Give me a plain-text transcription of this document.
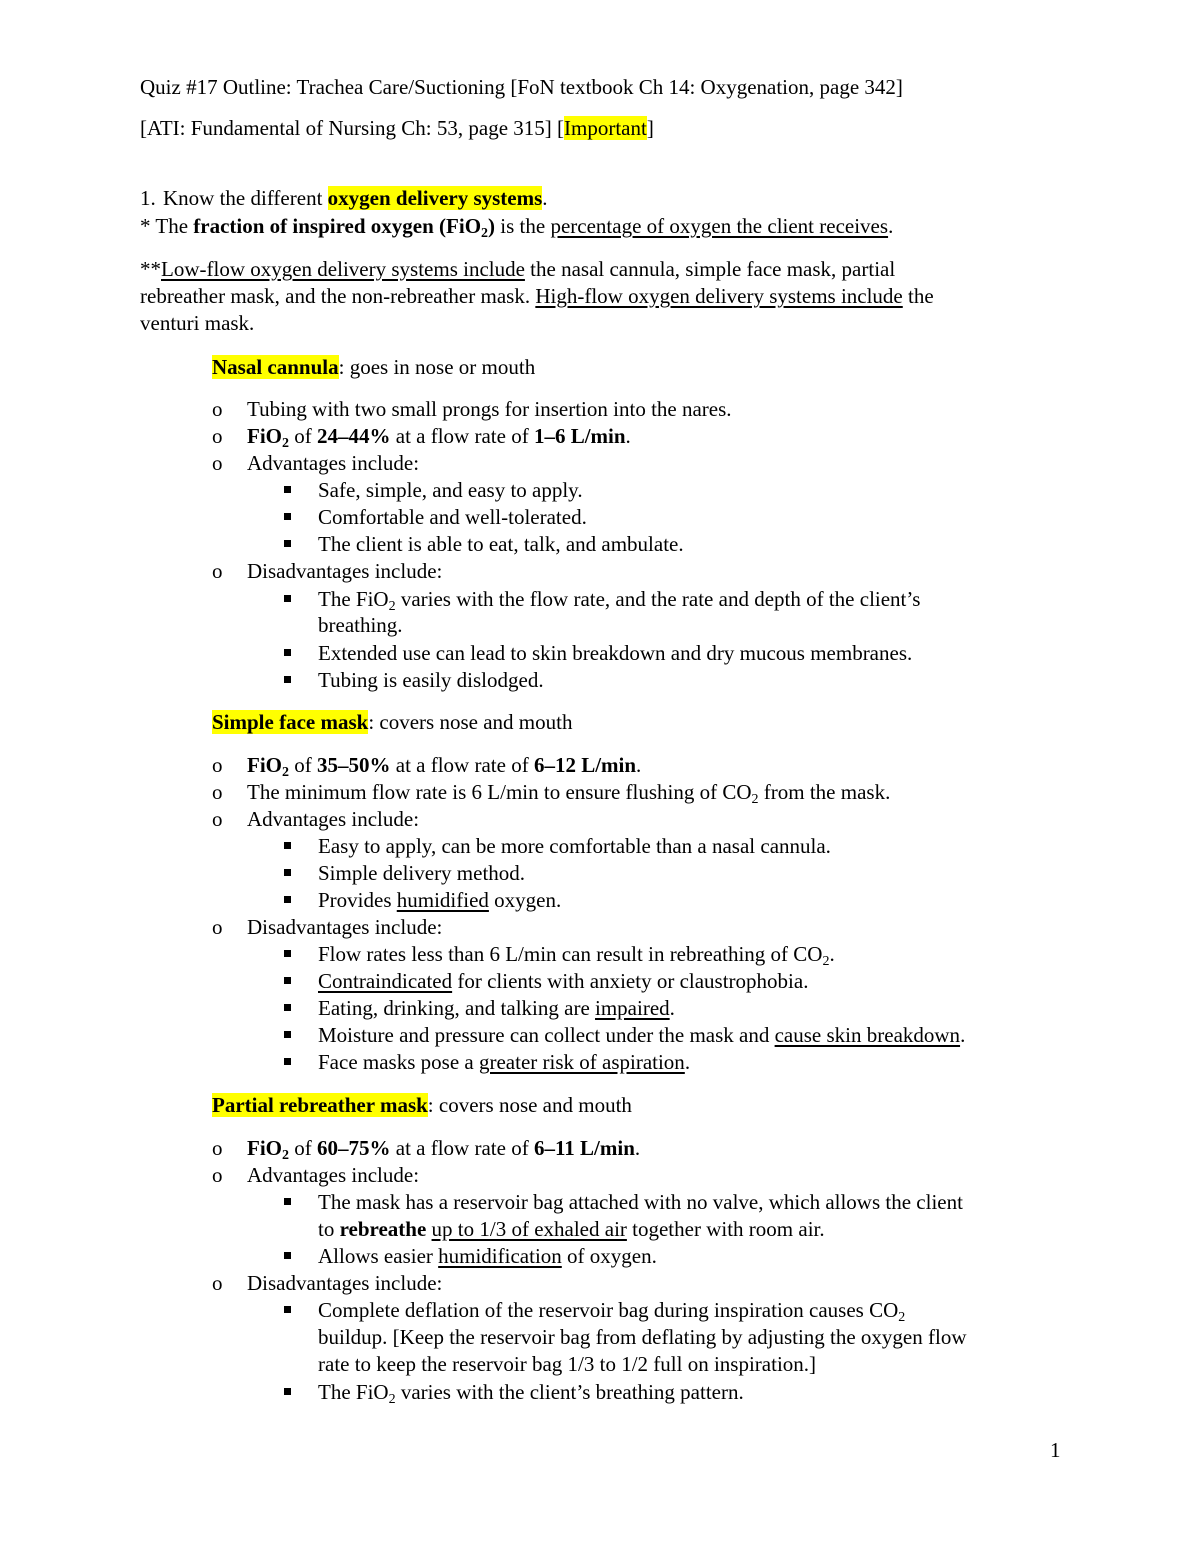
Quiz #17 Outline: Trachea Care/Suctioning [FoN textbook Ch 14: Oxygenation, page 342]
[ATI: Fundamental of Nursing Ch: 53, page 315] [Important]
1. Know the different oxygen delivery systems.
* The fraction of inspired oxygen (FiO$_2$) is the percentage of oxygen the client receives.
**Low-flow oxygen delivery systems include the nasal cannula, simple face mask, partial
rebreather mask, and the non-rebreather mask. High-flow oxygen delivery systems include the
venturi mask.
Nasal cannula: goes in nose or mouth
o Tubing with two small prongs for insertion into the nares.
o FiO$_2$ of 24–44% at a flow rate of 1–6 L/min.
o Advantages include:
Safe, simple, and easy to apply.
Comfortable and well-tolerated.
The client is able to eat, talk, and ambulate.
o Disadvantages include:
The FiO$_2$ varies with the flow rate, and the rate and depth of the client’s
breathing.
Extended use can lead to skin breakdown and dry mucous membranes.
Tubing is easily dislodged.
Simple face mask: covers nose and mouth
o FiO$_2$ of 35–50% at a flow rate of 6–12 L/min.
o The minimum flow rate is 6 L/min to ensure flushing of $CO_2$ from the mask.
o Advantages include:
Easy to apply, can be more comfortable than a nasal cannula.
Simple delivery method.
Provides humidified oxygen.
o Disadvantages include:
Flow rates less than 6 L/min can result in rebreathing of $CO_2$.
Contraindicated for clients with anxiety or claustrophobia.
Eating, drinking, and talking are impaired.
Moisture and pressure can collect under the mask and cause skin breakdown.
Face masks pose a greater risk of aspiration.
Partial rebreather mask: covers nose and mouth
o FiO$_2$ of 60–75% at a flow rate of 6–11 L/min.
o Advantages include:
The mask has a reservoir bag attached with no valve, which allows the client
to rebreathe up to 1/3 of exhaled air together with room air.
Allows easier humidification of oxygen.
o Disadvantages include:
Complete deflation of the reservoir bag during inspiration causes $CO_2$
buildup. [Keep the reservoir bag from deflating by adjusting the oxygen flow
rate to keep the reservoir bag 1/3 to 1/2 full on inspiration.]
The FiO$_2$ varies with the client’s breathing pattern.
1
